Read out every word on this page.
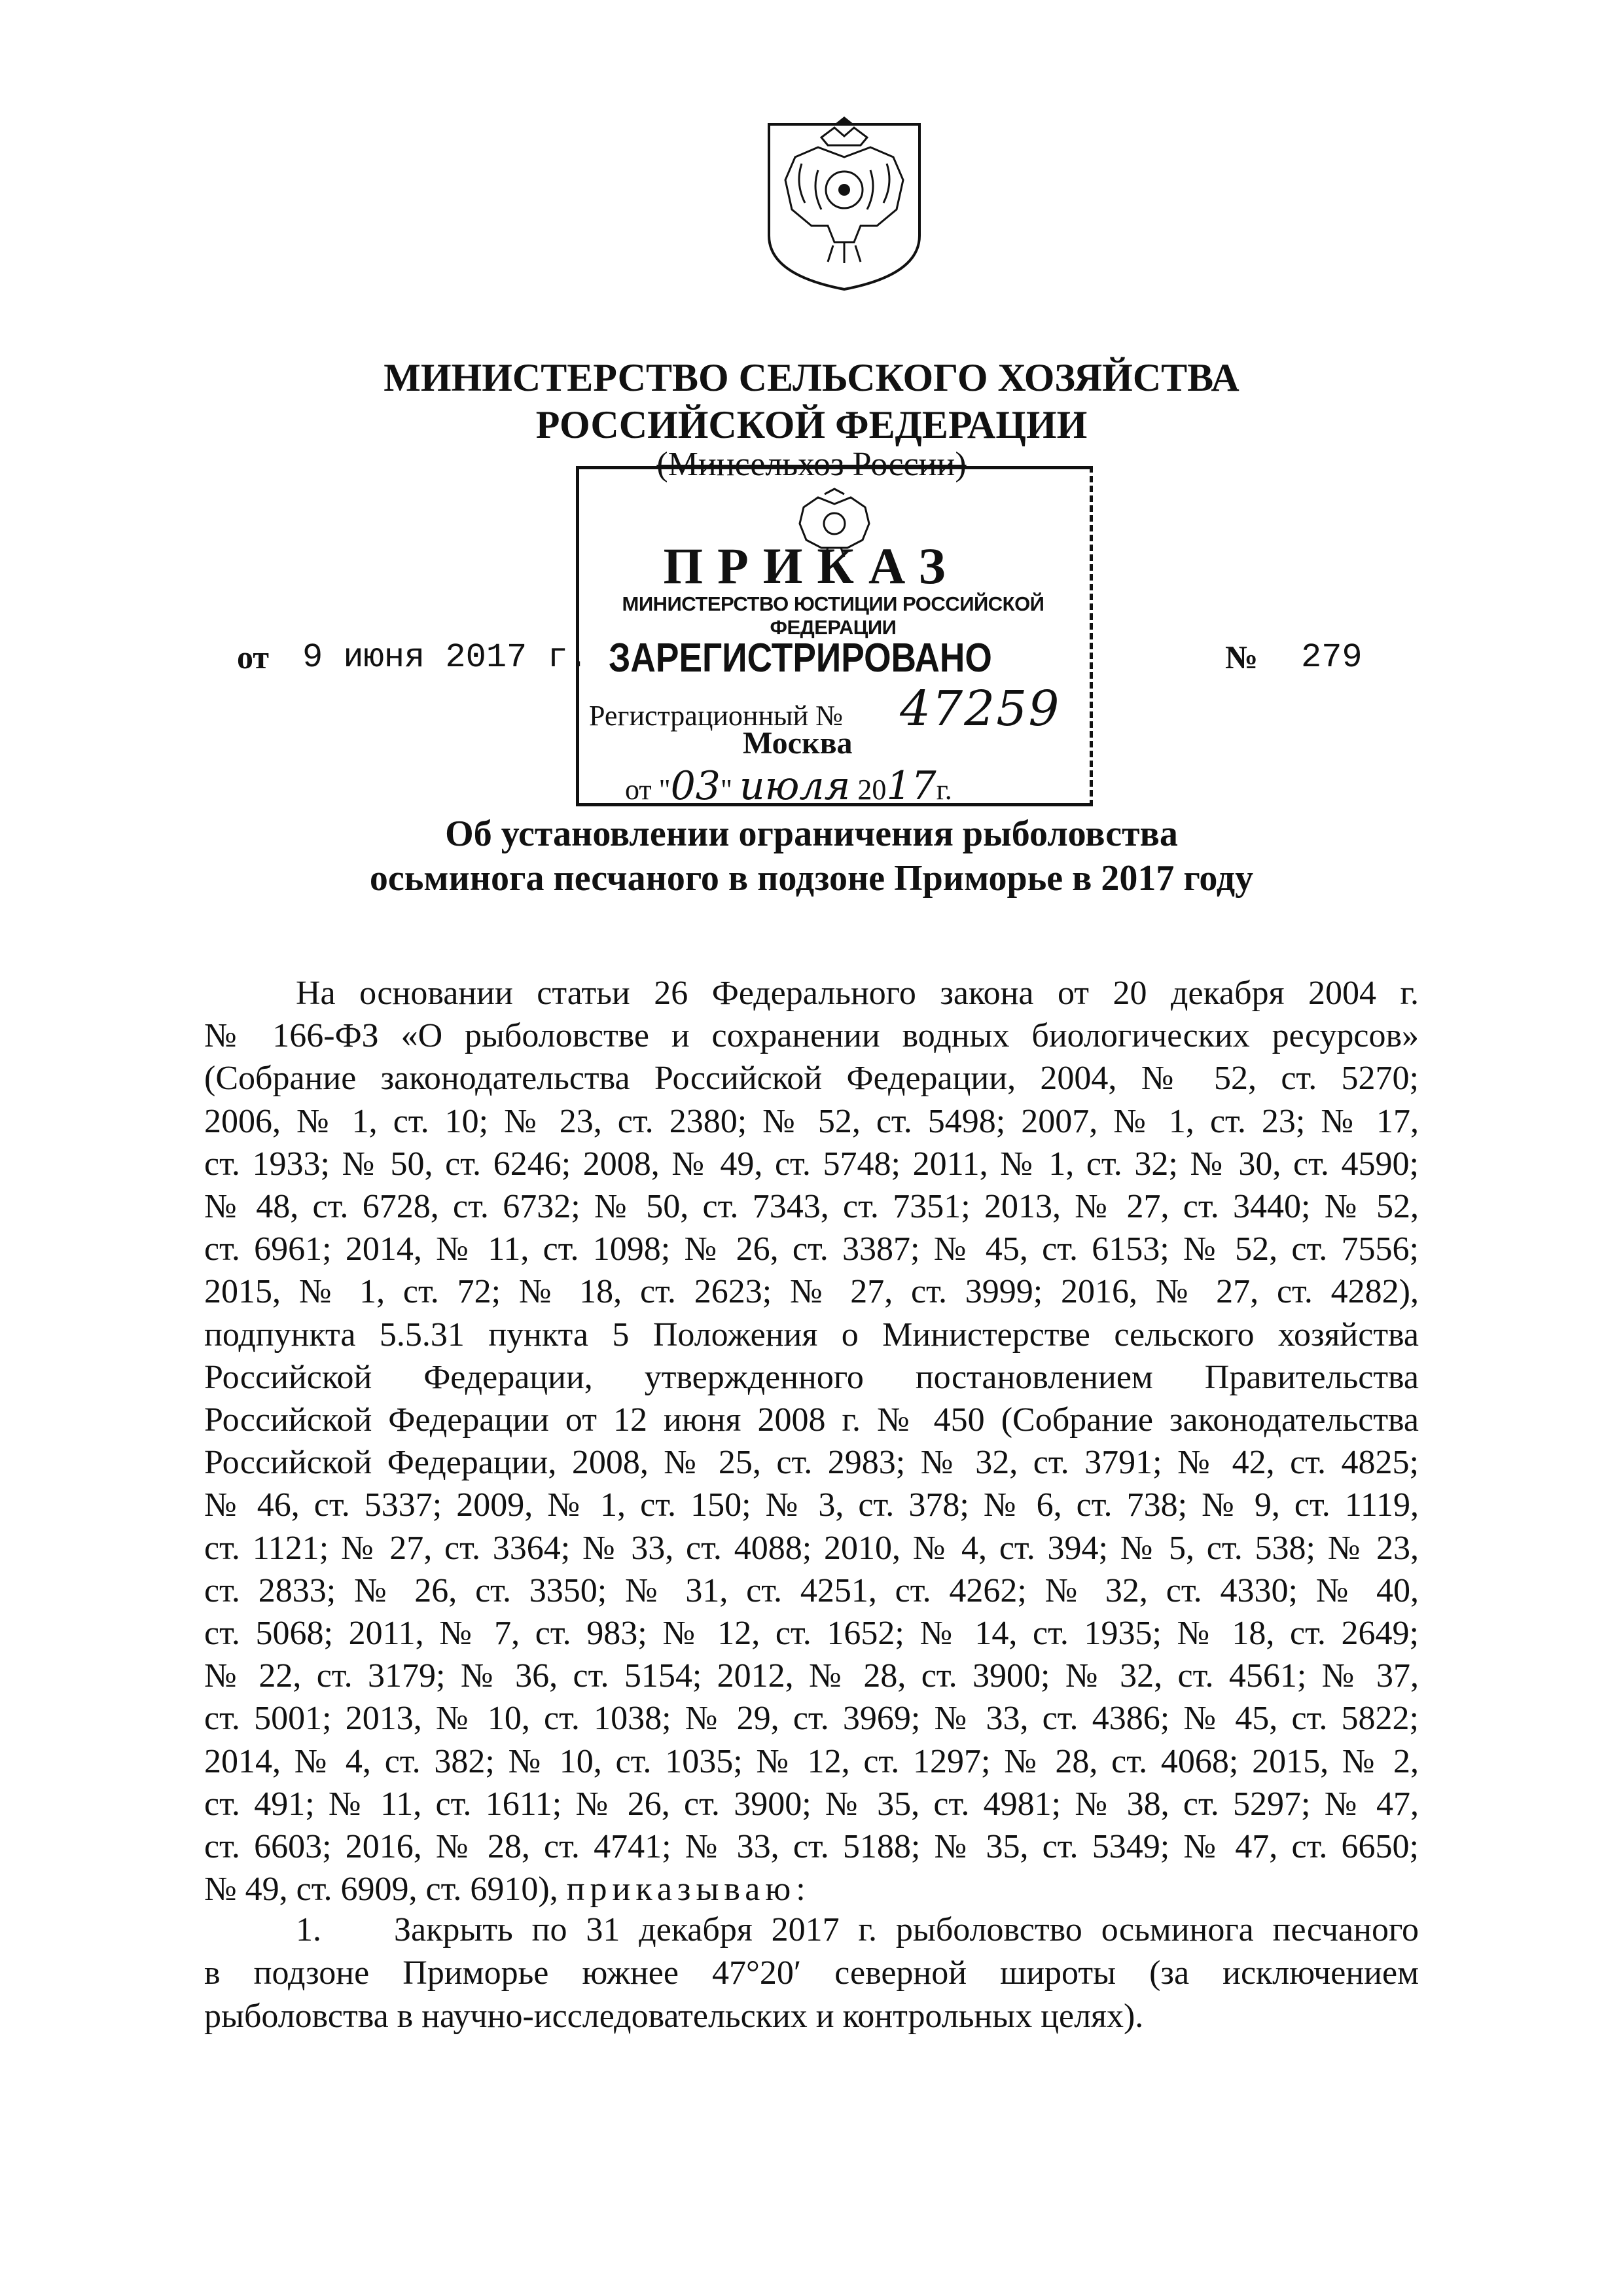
МИНИСТЕРСТВО СЕЛЬСКОГО ХОЗЯЙСТВА
РОССИЙСКОЙ ФЕДЕРАЦИИ
(Минсельхоз России)
ПРИКАЗ
МИНИСТЕРСТВО ЮСТИЦИИ РОССИЙСКОЙ ФЕДЕРАЦИИ
от 9 июня 2017 г. ЗАРЕГИСТРИРОВАНО	№ 279
Регистрационный № 47259
Москва
от "03" июля 2017г.
Об установлении ограничения рыболовства
осьминога песчаного в подзоне Приморье в 2017 году
На основании статьи 26 Федерального закона от 20 декабря 2004 г.
№ 166-ФЗ «О рыболовстве и сохранении водных биологических ресурсов»
(Собрание законодательства Российской Федерации, 2004, № 52, ст. 5270;
2006, № 1, ст. 10; № 23, ст. 2380; № 52, ст. 5498; 2007, № 1, ст. 23; № 17,
ст. 1933; № 50, ст. 6246; 2008, № 49, ст. 5748; 2011, № 1, ст. 32; № 30, ст. 4590;
№ 48, ст. 6728, ст. 6732; № 50, ст. 7343, ст. 7351; 2013, № 27, ст. 3440; № 52,
ст. 6961; 2014, № 11, ст. 1098; № 26, ст. 3387; № 45, ст. 6153; № 52, ст. 7556;
2015, № 1, ст. 72; № 18, ст. 2623; № 27, ст. 3999; 2016, № 27, ст. 4282),
подпункта 5.5.31 пункта 5 Положения о Министерстве сельского хозяйства
Российской Федерации, утвержденного постановлением Правительства
Российской Федерации от 12 июня 2008 г. № 450 (Собрание законодательства
Российской Федерации, 2008, № 25, ст. 2983; № 32, ст. 3791; № 42, ст. 4825;
№ 46, ст. 5337; 2009, № 1, ст. 150; № 3, ст. 378; № 6, ст. 738; № 9, ст. 1119,
ст. 1121; № 27, ст. 3364; № 33, ст. 4088; 2010, № 4, ст. 394; № 5, ст. 538; № 23,
ст. 2833; № 26, ст. 3350; № 31, ст. 4251, ст. 4262; № 32, ст. 4330; № 40,
ст. 5068; 2011, № 7, ст. 983; № 12, ст. 1652; № 14, ст. 1935; № 18, ст. 2649;
№ 22, ст. 3179; № 36, ст. 5154; 2012, № 28, ст. 3900; № 32, ст. 4561; № 37,
ст. 5001; 2013, № 10, ст. 1038; № 29, ст. 3969; № 33, ст. 4386; № 45, ст. 5822;
2014, № 4, ст. 382; № 10, ст. 1035; № 12, ст. 1297; № 28, ст. 4068; 2015, № 2,
ст. 491; № 11, ст. 1611; № 26, ст. 3900; № 35, ст. 4981; № 38, ст. 5297; № 47,
ст. 6603; 2016, № 28, ст. 4741; № 33, ст. 5188; № 35, ст. 5349; № 47, ст. 6650;
№ 49, ст. 6909, ст. 6910), приказываю:
1. Закрыть по 31 декабря 2017 г. рыболовство осьминога песчаного
в подзоне Приморье южнее 47°20′ северной широты (за исключением
рыболовства в научно-исследовательских и контрольных целях).
